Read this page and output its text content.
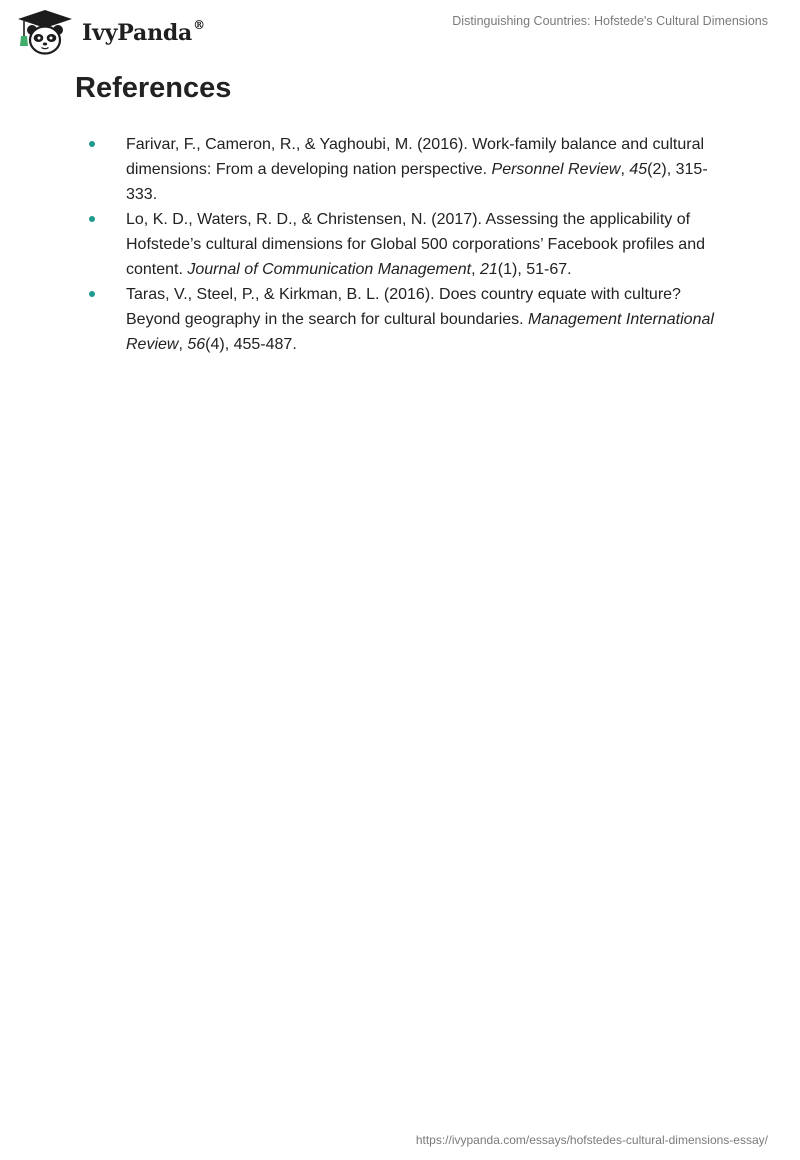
IvyPanda®	Distinguishing Countries: Hofstede's Cultural Dimensions
References
Farivar, F., Cameron, R., & Yaghoubi, M. (2016). Work-family balance and cultural dimensions: From a developing nation perspective. Personnel Review, 45(2), 315-333.
Lo, K. D., Waters, R. D., & Christensen, N. (2017). Assessing the applicability of Hofstede’s cultural dimensions for Global 500 corporations’ Facebook profiles and content. Journal of Communication Management, 21(1), 51-67.
Taras, V., Steel, P., & Kirkman, B. L. (2016). Does country equate with culture? Beyond geography in the search for cultural boundaries. Management International Review, 56(4), 455-487.
https://ivypanda.com/essays/hofstedes-cultural-dimensions-essay/
